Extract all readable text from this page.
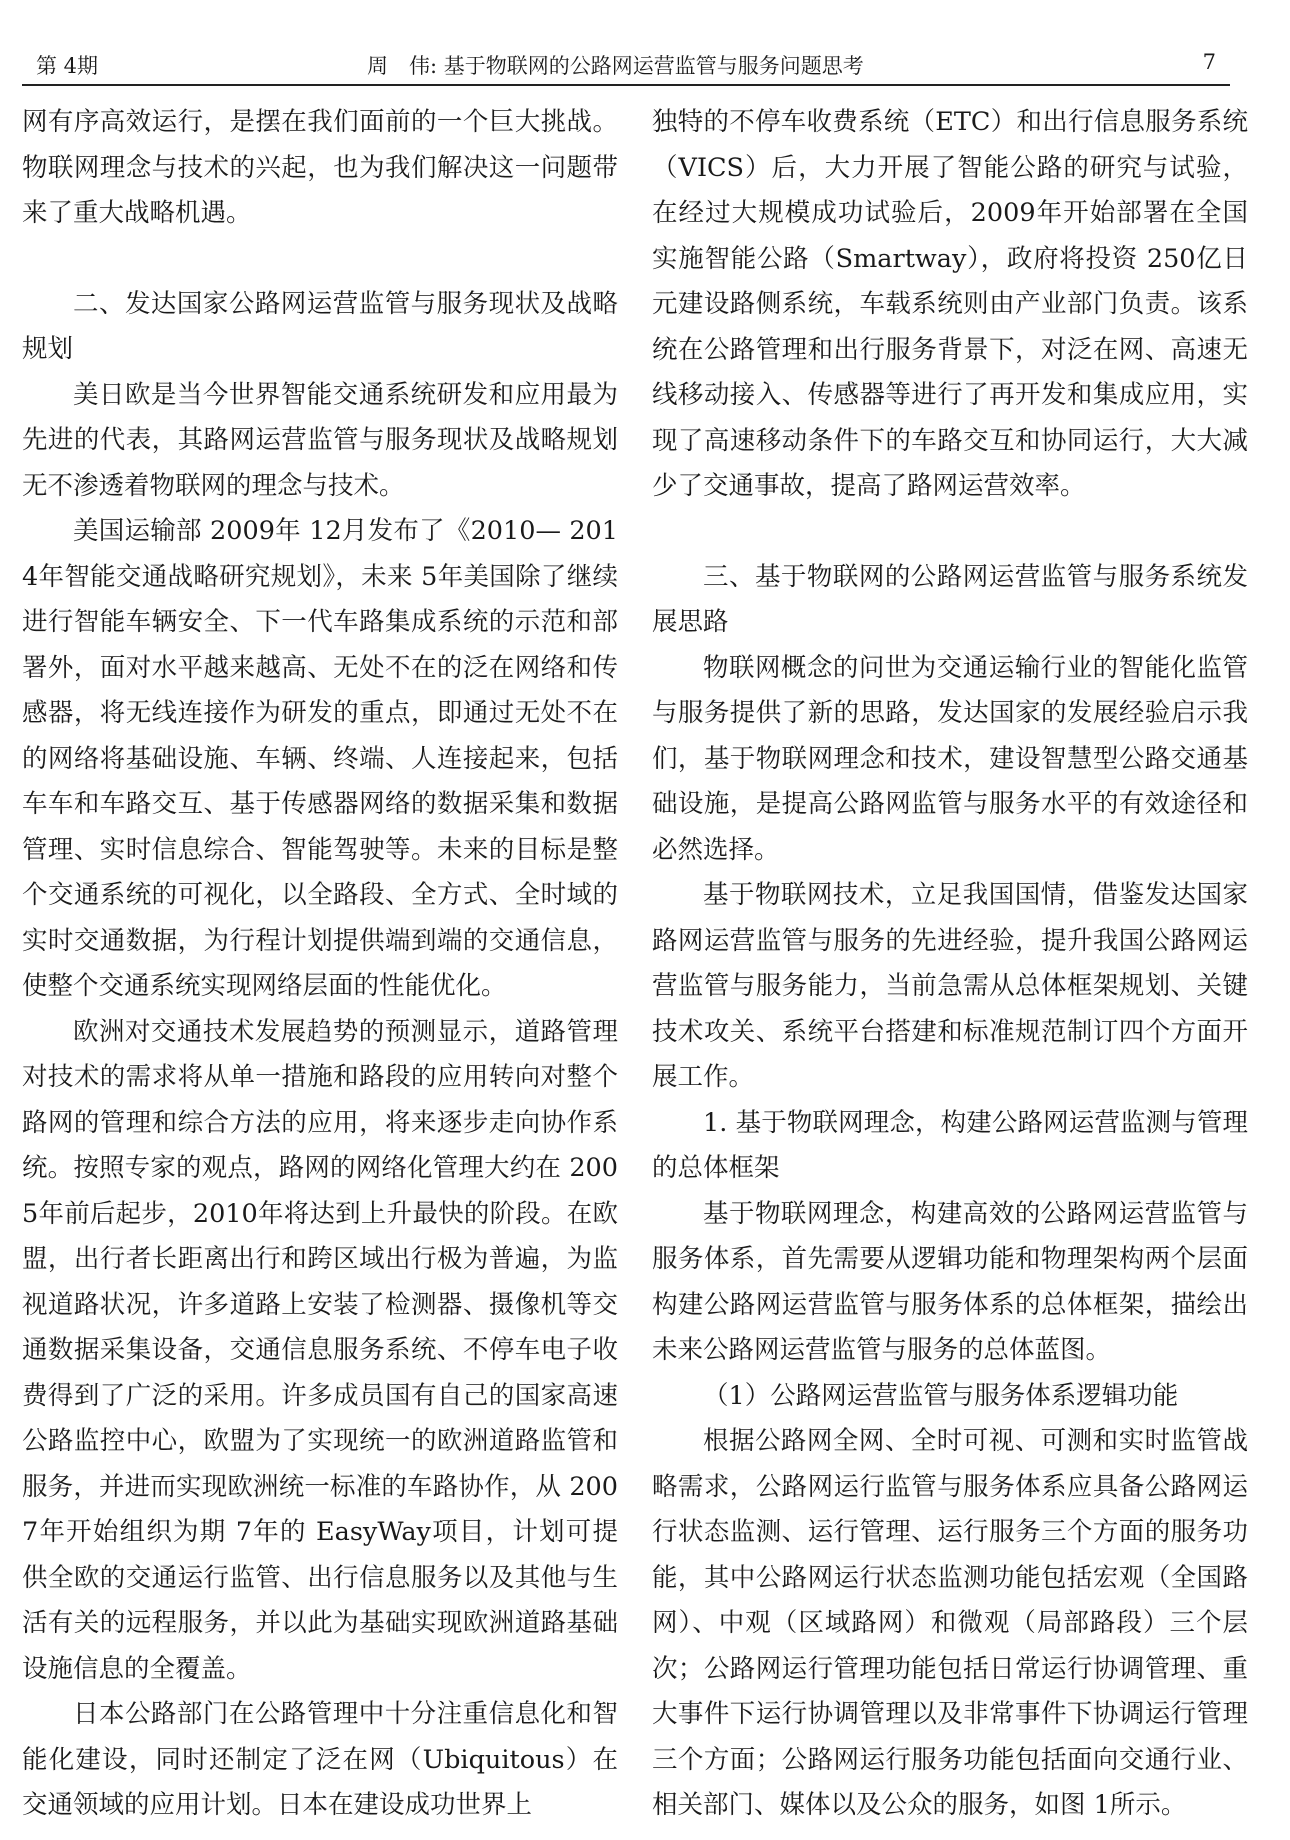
第 4期	周　伟: 基于物联网的公路网运营监管与服务问题思考	7

网有序高效运行，是摆在我们面前的一个巨大挑战。物联网理念与技术的兴起，也为我们解决这一问题带来了重大战略机遇。

二、发达国家公路网运营监管与服务现状及战略规划

美日欧是当今世界智能交通系统研发和应用最为先进的代表，其路网运营监管与服务现状及战略规划无不渗透着物联网的理念与技术。

美国运输部 2009年 12月发布了《2010— 2014年智能交通战略研究规划》，未来 5年美国除了继续进行智能车辆安全、下一代车路集成系统的示范和部署外，面对水平越来越高、无处不在的泛在网络和传感器，将无线连接作为研发的重点，即通过无处不在的网络将基础设施、车辆、终端、人连接起来，包括车车和车路交互、基于传感器网络的数据采集和数据管理、实时信息综合、智能驾驶等。未来的目标是整个交通系统的可视化，以全路段、全方式、全时域的实时交通数据，为行程计划提供端到端的交通信息，使整个交通系统实现网络层面的性能优化。

欧洲对交通技术发展趋势的预测显示，道路管理对技术的需求将从单一措施和路段的应用转向对整个路网的管理和综合方法的应用，将来逐步走向协作系统。按照专家的观点，路网的网络化管理大约在 2005年前后起步，2010年将达到上升最快的阶段。在欧盟，出行者长距离出行和跨区域出行极为普遍，为监视道路状况，许多道路上安装了检测器、摄像机等交通数据采集设备，交通信息服务系统、不停车电子收费得到了广泛的采用。许多成员国有自己的国家高速公路监控中心，欧盟为了实现统一的欧洲道路监管和服务，并进而实现欧洲统一标准的车路协作，从 2007年开始组织为期 7年的 EasyWay项目，计划可提供全欧的交通运行监管、出行信息服务以及其他与生活有关的远程服务，并以此为基础实现欧洲道路基础设施信息的全覆盖。

日本公路部门在公路管理中十分注重信息化和智能化建设，同时还制定了泛在网（Ubiquitous）在交通领域的应用计划。日本在建设成功世界上

独特的不停车收费系统（ETC）和出行信息服务系统（VICS）后，大力开展了智能公路的研究与试验，在经过大规模成功试验后，2009年开始部署在全国实施智能公路（Smartway），政府将投资 250亿日元建设路侧系统，车载系统则由产业部门负责。该系统在公路管理和出行服务背景下，对泛在网、高速无线移动接入、传感器等进行了再开发和集成应用，实现了高速移动条件下的车路交互和协同运行，大大减少了交通事故，提高了路网运营效率。

三、基于物联网的公路网运营监管与服务系统发展思路

物联网概念的问世为交通运输行业的智能化监管与服务提供了新的思路，发达国家的发展经验启示我们，基于物联网理念和技术，建设智慧型公路交通基础设施，是提高公路网监管与服务水平的有效途径和必然选择。

基于物联网技术，立足我国国情，借鉴发达国家路网运营监管与服务的先进经验，提升我国公路网运营监管与服务能力，当前急需从总体框架规划、关键技术攻关、系统平台搭建和标准规范制订四个方面开展工作。

1. 基于物联网理念，构建公路网运营监测与管理的总体框架

基于物联网理念，构建高效的公路网运营监管与服务体系，首先需要从逻辑功能和物理架构两个层面构建公路网运营监管与服务体系的总体框架，描绘出未来公路网运营监管与服务的总体蓝图。

（1）公路网运营监管与服务体系逻辑功能

根据公路网全网、全时可视、可测和实时监管战略需求，公路网运行监管与服务体系应具备公路网运行状态监测、运行管理、运行服务三个方面的服务功能，其中公路网运行状态监测功能包括宏观（全国路网）、中观（区域路网）和微观（局部路段）三个层次；公路网运行管理功能包括日常运行协调管理、重大事件下运行协调管理以及非常事件下协调运行管理三个方面；公路网运行服务功能包括面向交通行业、相关部门、媒体以及公众的服务，如图 1所示。
